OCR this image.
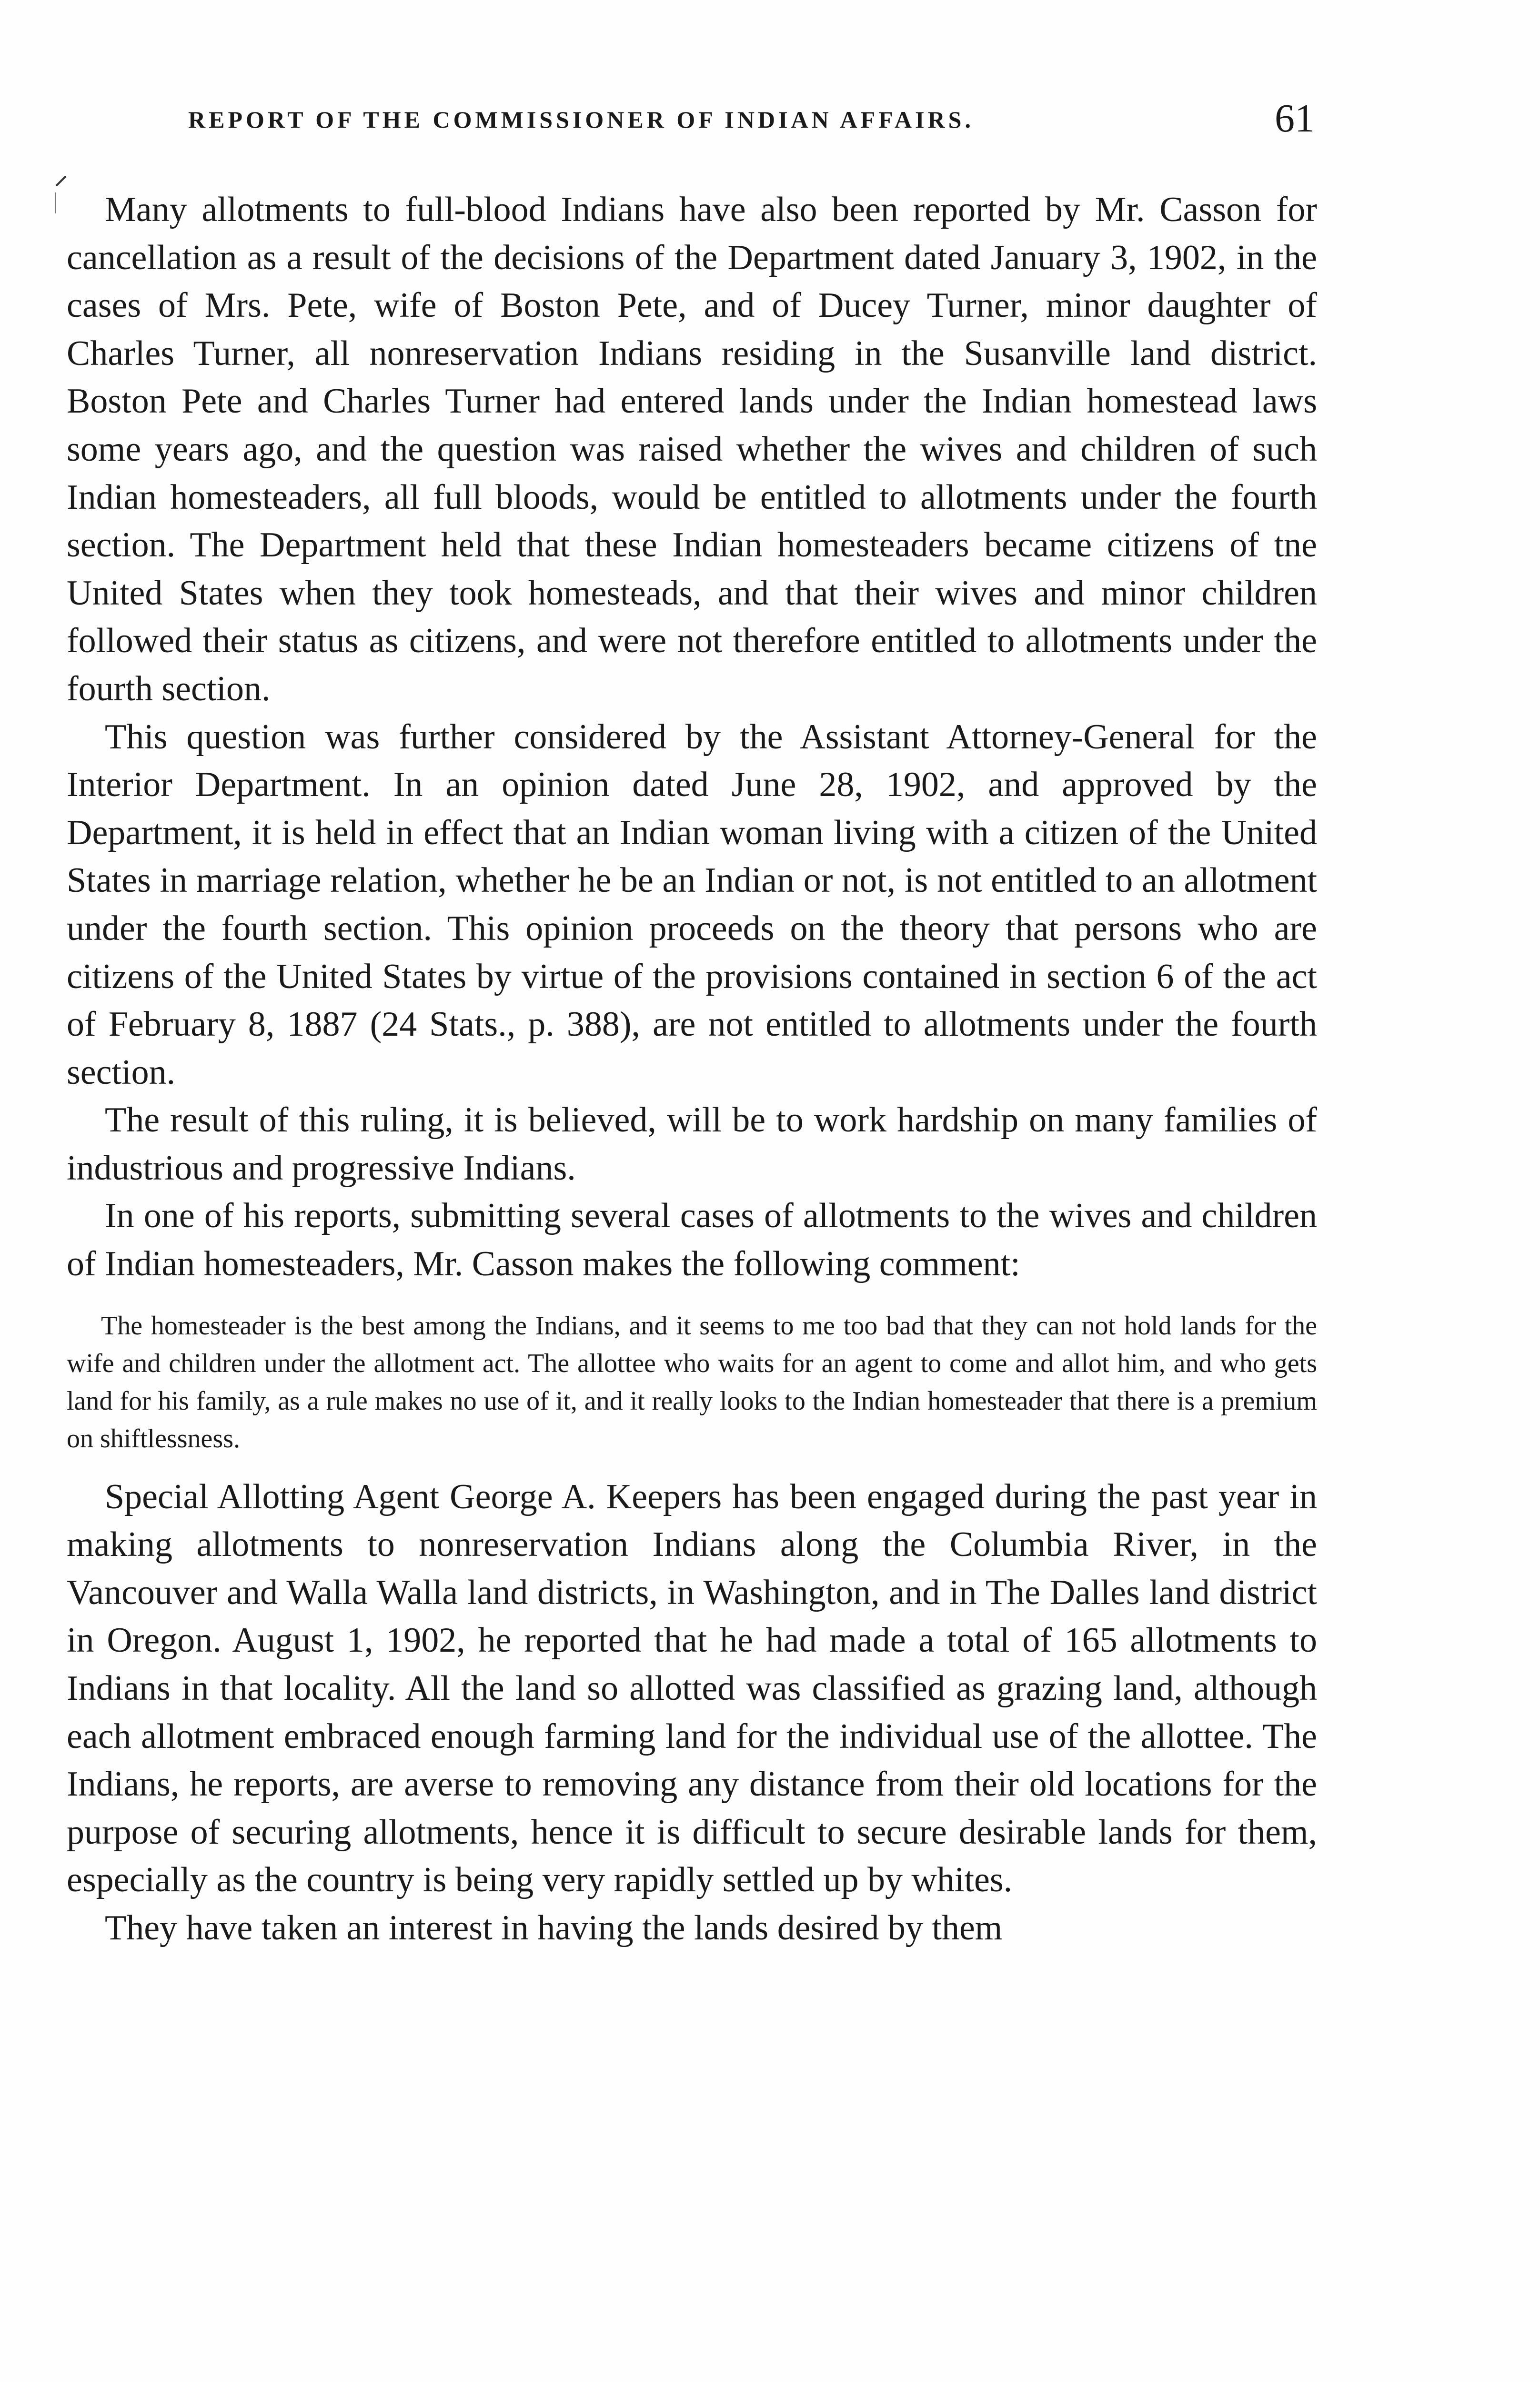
REPORT OF THE COMMISSIONER OF INDIAN AFFAIRS.	61

Many allotments to full-blood Indians have also been reported by Mr. Casson for cancellation as a result of the decisions of the Department dated January 3, 1902, in the cases of Mrs. Pete, wife of Boston Pete, and of Ducey Turner, minor daughter of Charles Turner, all nonreservation Indians residing in the Susanville land district. Boston Pete and Charles Turner had entered lands under the Indian homestead laws some years ago, and the question was raised whether the wives and children of such Indian homesteaders, all full bloods, would be entitled to allotments under the fourth section. The Department held that these Indian homesteaders became citizens of tne United States when they took homesteads, and that their wives and minor children followed their status as citizens, and were not therefore entitled to allotments under the fourth section.

This question was further considered by the Assistant Attorney-General for the Interior Department. In an opinion dated June 28, 1902, and approved by the Department, it is held in effect that an Indian woman living with a citizen of the United States in marriage relation, whether he be an Indian or not, is not entitled to an allotment under the fourth section. This opinion proceeds on the theory that persons who are citizens of the United States by virtue of the provisions contained in section 6 of the act of February 8, 1887 (24 Stats., p. 388), are not entitled to allotments under the fourth section.

The result of this ruling, it is believed, will be to work hardship on many families of industrious and progressive Indians.

In one of his reports, submitting several cases of allotments to the wives and children of Indian homesteaders, Mr. Casson makes the following comment:

The homesteader is the best among the Indians, and it seems to me too bad that they can not hold lands for the wife and children under the allotment act. The allottee who waits for an agent to come and allot him, and who gets land for his family, as a rule makes no use of it, and it really looks to the Indian homesteader that there is a premium on shiftlessness.

Special Allotting Agent George A. Keepers has been engaged during the past year in making allotments to nonreservation Indians along the Columbia River, in the Vancouver and Walla Walla land districts, in Washington, and in The Dalles land district in Oregon. August 1, 1902, he reported that he had made a total of 165 allotments to Indians in that locality. All the land so allotted was classified as grazing land, although each allotment embraced enough farming land for the individual use of the allottee. The Indians, he reports, are averse to removing any distance from their old locations for the purpose of securing allotments, hence it is difficult to secure desirable lands for them, especially as the country is being very rapidly settled up by whites.

They have taken an interest in having the lands desired by them
